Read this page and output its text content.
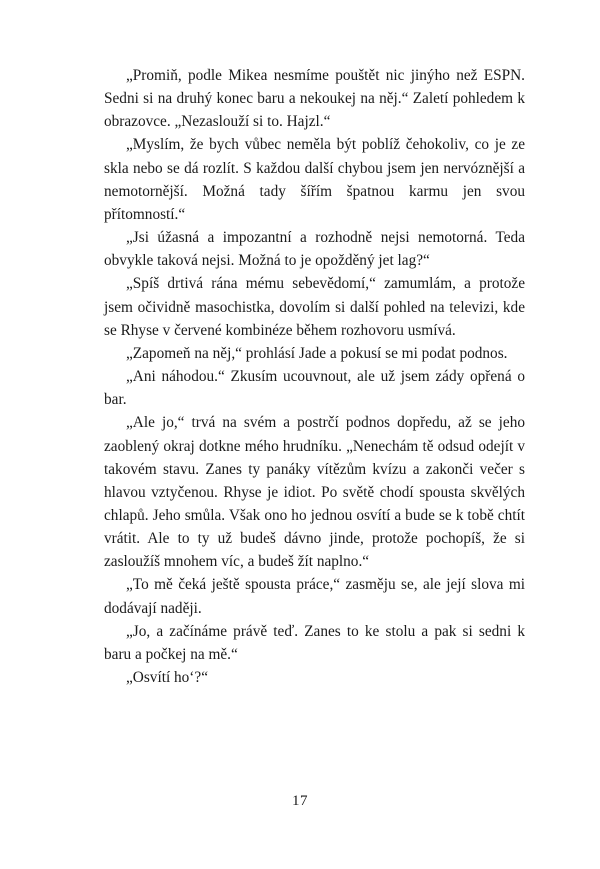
„Promiň, podle Mikea nesmíme pouštět nic jinýho než ESPN. Sedni si na druhý konec baru a nekoukej na něj.“ Zaletí pohledem k obrazovce. „Nezaslouží si to. Hajzl.“

„Myslím, že bych vůbec neměla být poblíž čehokoliv, co je ze skla nebo se dá rozlít. S každou další chybou jsem jen nervóznější a nemotornější. Možná tady šířím špatnou karmu jen svou přítomností.“

„Jsi úžasná a impozantní a rozhodně nejsi nemotorná. Teda obvykle taková nejsi. Možná to je opožděný jet lag?“

„Spíš drtivá rána mému sebevědomí,“ zamumlám, a protože jsem očividně masochistka, dovolím si další pohled na televizi, kde se Rhyse v červené kombinéze během rozhovoru usmívá.

„Zapomeň na něj,“ prohlásí Jade a pokusí se mi podat podnos.

„Ani náhodou.“ Zkusím ucouvnout, ale už jsem zády opřená o bar.

„Ale jo,“ trvá na svém a postrčí podnos dopředu, až se jeho zaoblený okraj dotkne mého hrudníku. „Nenechám tě odsud odejít v takovém stavu. Zanes ty panáky vítězům kvízu a zakonči večer s hlavou vztyčenou. Rhyse je idiot. Po světě chodí spousta skvělých chlapů. Jeho smůla. Však ono ho jednou osvítí a bude se k tobě chtít vrátit. Ale to ty už budeš dávno jinde, protože pochopíš, že si zasloužíš mnohem víc, a budeš žít naplno.“

„To mě čeká ještě spousta práce,“ zasměju se, ale její slova mi dodávají naději.

„Jo, a začínáme právě teď. Zanes to ke stolu a pak si sedni k baru a počkej na mě.“

„Osvítí ho‘?“

17
